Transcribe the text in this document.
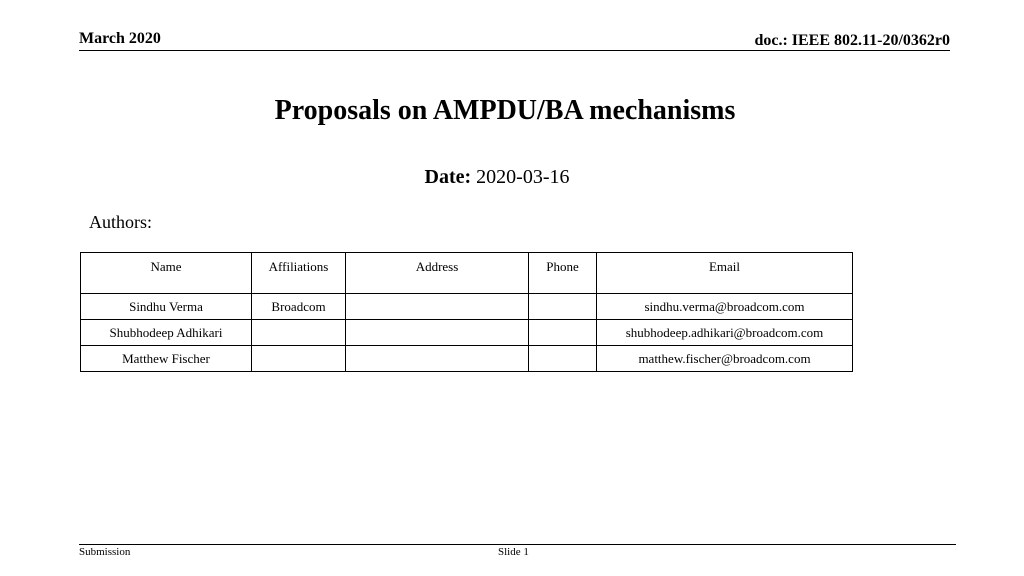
March 2020	doc.: IEEE 802.11-20/0362r0
Proposals on AMPDU/BA mechanisms
Date: 2020-03-16
Authors:
Name	Affiliations	Address	Phone	Email
Sindhu Verma	Broadcom			sindhu.verma@broadcom.com
Shubhodeep Adhikari				shubhodeep.adhikari@broadcom.com
Matthew Fischer				matthew.fischer@broadcom.com
Submission	Slide 1
